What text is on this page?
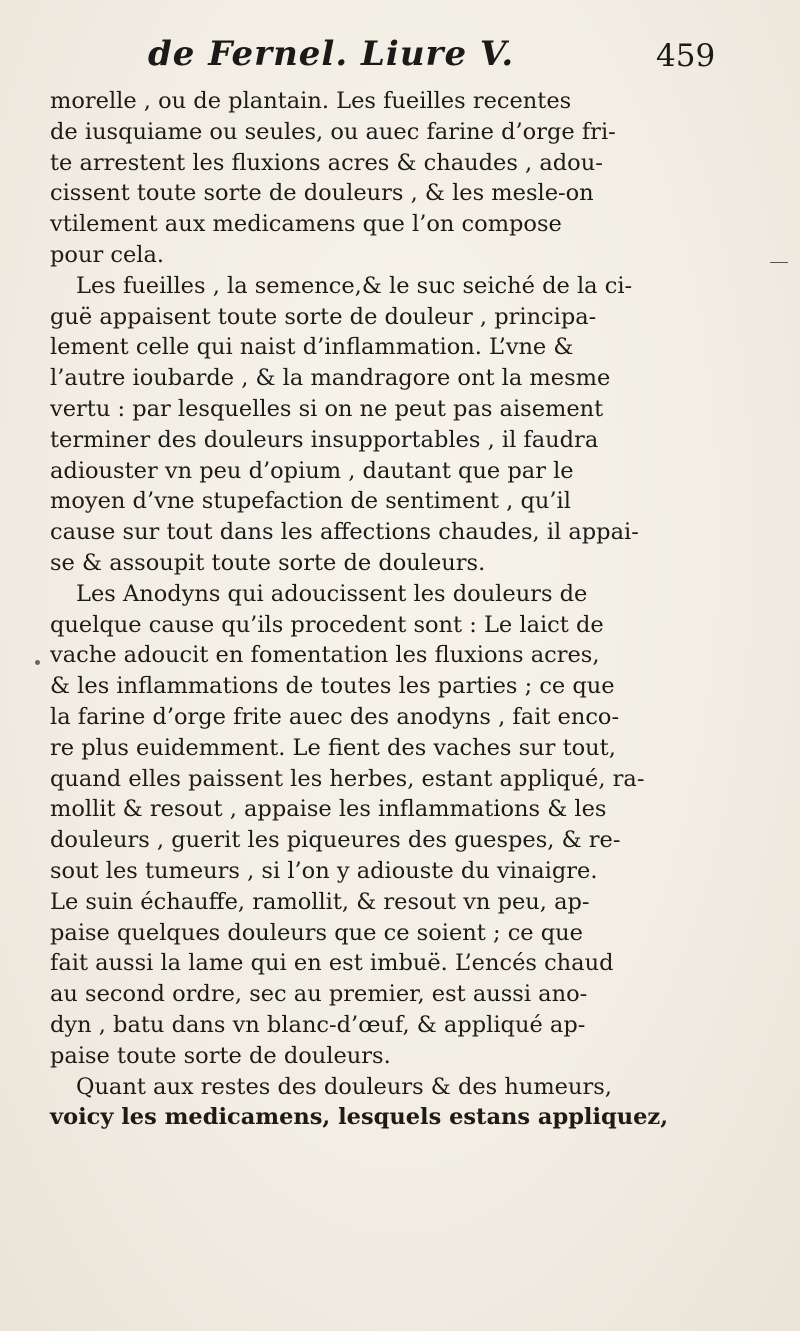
de Fernel. Liure V.	459
morelle , ou de plantain. Les fueilles recentes
de iusquiame ou seules, ou auec farine d’orge fri-
te arrestent les fluxions acres & chaudes , adou-
cissent toute sorte de douleurs , & les mesle-on
vtilement aux medicamens que l’on compose
pour cela.
Les fueilles , la semence,& le suc seiché de la ci-
guë appaisent toute sorte de douleur , principa-
lement celle qui naist d’inflammation. L’vne &
l’autre ioubarde , & la mandragore ont la mesme
vertu : par lesquelles si on ne peut pas aisement
terminer des douleurs insupportables , il faudra
adiouster vn peu d’opium , dautant que par le
moyen d’vne stupefaction de sentiment , qu’il
cause sur tout dans les affections chaudes, il appai-
se & assoupit toute sorte de douleurs.
Les Anodyns qui adoucissent les douleurs de
quelque cause qu’ils procedent sont : Le laict de
vache adoucit en fomentation les fluxions acres,
& les inflammations de toutes les parties ; ce que
la farine d’orge frite auec des anodyns , fait enco-
re plus euidemment. Le fient des vaches sur tout,
quand elles paissent les herbes, estant appliqué, ra-
mollit & resout , appaise les inflammations & les
douleurs , guerit les piqueures des guespes, & re-
sout les tumeurs , si l’on y adiouste du vinaigre.
Le suin échauffe, ramollit, & resout vn peu, ap-
paise quelques douleurs que ce soient ; ce que
fait aussi la lame qui en est imbuë. L’encés chaud
au second ordre, sec au premier, est aussi ano-
dyn , batu dans vn blanc-d’œuf, & appliqué ap-
paise toute sorte de douleurs.
Quant aux restes des douleurs & des humeurs,
voicy les medicamens, lesquels estans appliquez,
